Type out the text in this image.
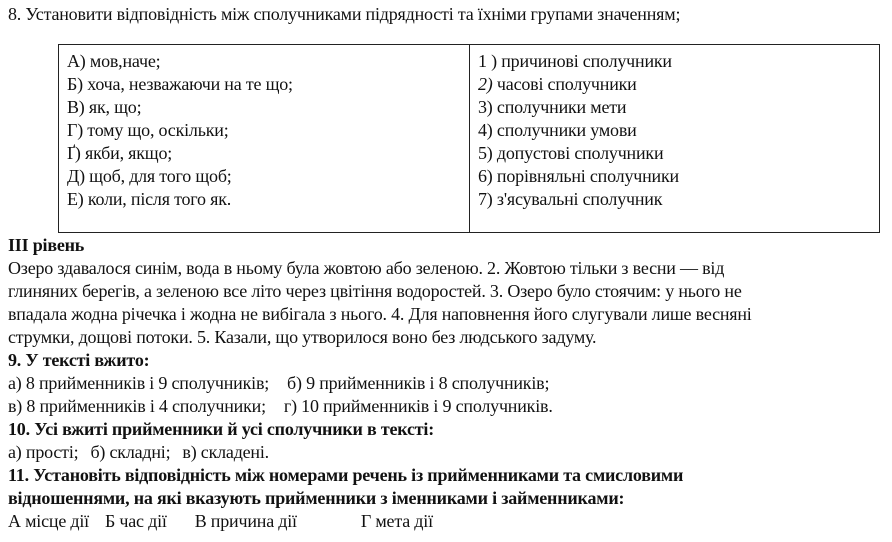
8. Установити відповідність між сполучниками підрядності та їхніми групами значенням;
А) мов,наче;
Б) хоча, незважаючи на те що;
В) як, що;
Г) тому що, оскільки;
Ґ) якби, якщо;
Д) щоб, для того щоб;
Е) коли, після того як.

1 ) причинові сполучники
2) часові сполучники
3) сполучники мети
4) сполучники умови
5) допустові сполучники
6) порівняльні сполучники
7) з'ясувальні сполучник
ІІІ рівень
Озеро здавалося синім, вода в ньому була жовтою або зеленою. 2. Жовтою тільки з весни — від
глиняних берегів, а зеленою все літо через цвітіння водоростей. 3. Озеро було стоячим: у нього не
впадала жодна річечка і жодна не вибігала з нього. 4. Для наповнення його слугували лише весняні
струмки, дощові потоки. 5. Казали, що утворилося воно без людського задуму.
9. У тексті вжито:
а) 8 прийменників і 9 сполучників; б) 9 прийменників і 8 сполучників;
в) 8 прийменників і 4 сполучники; г) 10 прийменників і 9 сполучників.
10. Усі вжиті прийменники й усі сполучники в тексті:
а) прості; б) складні; в) складені.
11. Установіть відповідність між номерами речень із прийменниками та смисловими
відношеннями, на які вказують прийменники з іменниками і займенниками:
А місце дії Б час дії В причина дії	Г мета дії
